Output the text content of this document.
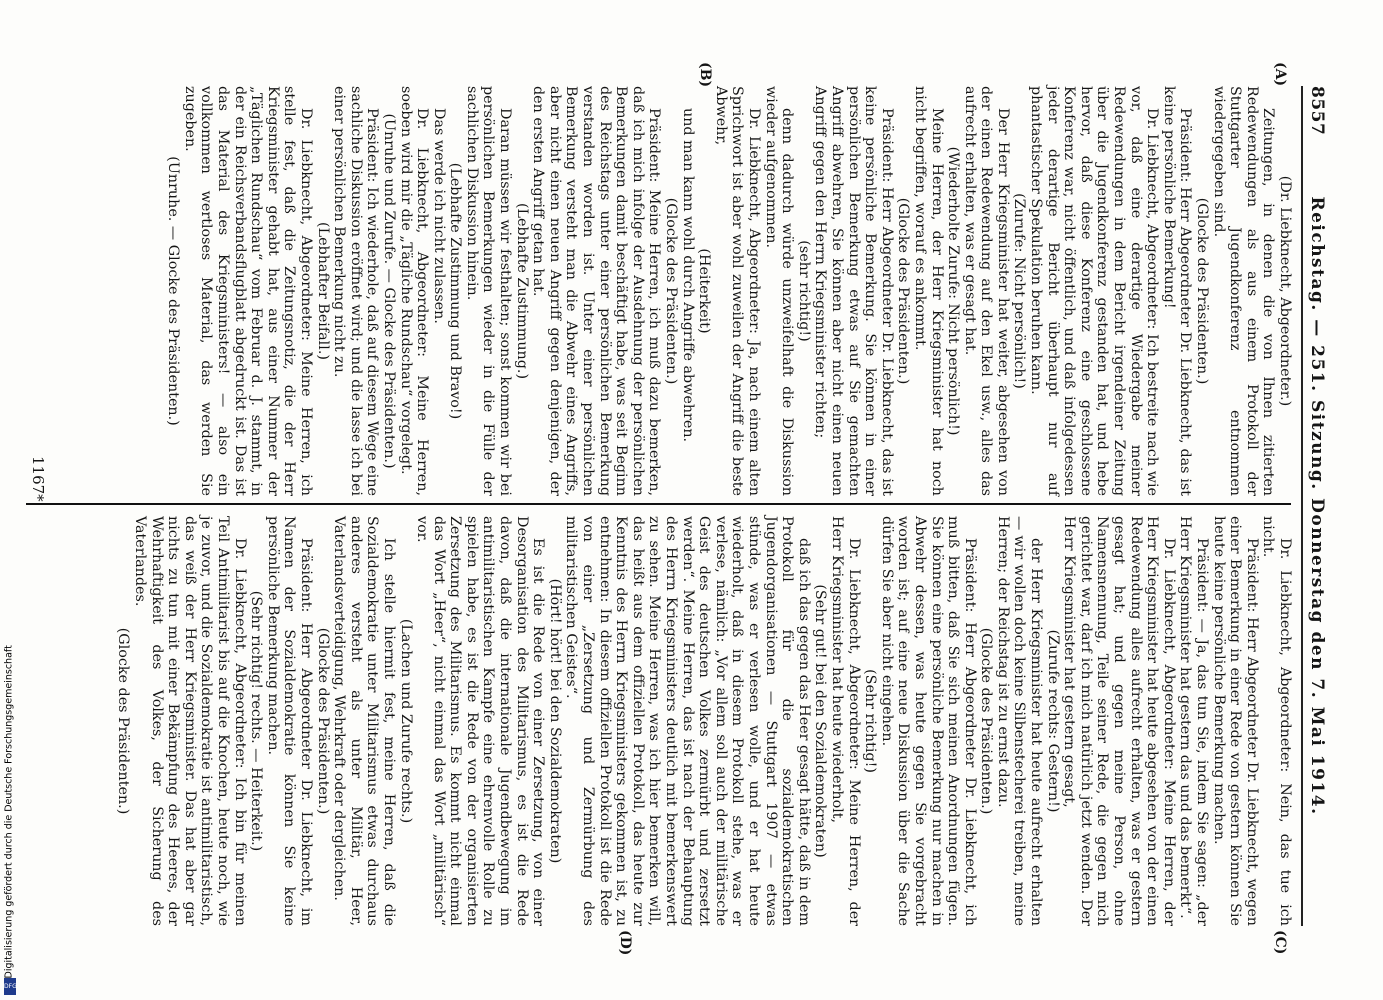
8557
Reichstag. — 251. Sitzung. Donnerstag den 7. Mai 1914.

(Dr. Liebknecht, Abgeordneter.)

Zeitungen, in denen die von Ihnen zitierten Redewendungen als aus einem Protokoll der Stuttgarter Jugendkonferenz entnommen wiedergegeben sind.

(Glocke des Präsidenten.)

Präsident: Herr Abgeordneter Dr. Liebknecht, das ist keine persönliche Bemerkung!

Dr. Liebknecht, Abgeordneter: Ich bestreite nach wie vor, daß eine derartige Wiedergabe meiner Redewendungen in dem Bericht irgendeiner Zeitung über die Jugendkonferenz gestanden hat, und hebe hervor, daß diese Konferenz eine geschlossene Konferenz war, nicht öffentlich, und daß infolgedessen jeder derartige Bericht überhaupt nur auf phantastischer Spekulation beruhen kann.

(Zurufe: Nicht persönlich!)

Der Herr Kriegsminister hat weiter, abgesehen von der einen Redewendung auf den Ekel usw., alles das aufrecht erhalten, was er gesagt hat.

(Wiederholte Zurufe: Nicht persönlich!)

Meine Herren, der Herr Kriegsminister hat noch nicht begriffen, worauf es ankommt.

(Glocke des Präsidenten.)

Präsident: Herr Abgeordneter Dr. Liebknecht, das ist keine persönliche Bemerkung. Sie können in einer persönlichen Bemerkung etwas auf Sie gemachten Angriff abwehren, Sie können aber nicht einen neuen Angriff gegen den Herrn Kriegsminister richten;

(sehr richtig!)

denn dadurch würde unzweifelhaft die Diskussion wieder aufgenommen.

Dr. Liebknecht, Abgeordneter: Ja, nach einem alten Sprichwort ist aber wohl zuweilen der Angriff die beste Abwehr,

(Heiterkeit)

und man kann wohl durch Angriffe abwehren.

(Glocke des Präsidenten.)

Präsident: Meine Herren, ich muß dazu bemerken, daß ich mich infolge der Ausdehnung der persönlichen Bemerkungen damit beschäftigt habe, was seit Beginn des Reichstags unter einer persönlichen Bemerkung verstanden worden ist. Unter einer persönlichen Bemerkung versteht man die Abwehr eines Angriffs, aber nicht einen neuen Angriff gegen denjenigen, der den ersten Angriff getan hat.

(Lebhafte Zustimmung.)

Daran müssen wir festhalten; sonst kommen wir bei persönlichen Bemerkungen wieder in die Fülle der sachlichen Diskussion hinein.

(Lebhafte Zustimmung und Bravo!)

Das werde ich nicht zulassen.

Dr. Liebknecht, Abgeordneter: Meine Herren, soeben wird mir die „Tägliche Rundschau“ vorgelegt.

(Unruhe und Zurufe. — Glocke des Präsidenten.)

Präsident: Ich wiederhole, daß auf diesem Wege eine sachliche Diskussion eröffnet wird; und die lasse ich bei einer persönlichen Bemerkung nicht zu.

(Lebhafter Beifall.)

Dr. Liebknecht, Abgeordneter: Meine Herren, ich stelle fest, daß die Zeitungsnotiz, die der Herr Kriegsminister gehabt hat, aus einer Nummer der „Täglichen Rundschau“ vom Februar d. J. stammt, in der ein Reichsverbandsflugblatt abgedruckt ist. Das ist das Material des Kriegsministers! — also ein vollkommen wertloses Material, das werden Sie zugeben.

(Unruhe. — Glocke des Präsidenten.)

Dr. Liebknecht, Abgeordneter: Nein, das tue ich nicht.

Präsident: Herr Abgeordneter Dr. Liebknecht, wegen einer Bemerkung in einer Rede von gestern können Sie heute keine persönliche Bemerkung machen.

Präsident: — Ja, das tun Sie, indem Sie sagen: „der Herr Kriegsminister hat gestern das und das bemerkt“.

Dr. Liebknecht, Abgeordneter: Meine Herren, der Herr Kriegsminister hat heute abgesehen von der einen Redewendung alles aufrecht erhalten, was er gestern gesagt hat; und gegen meine Person, ohne Namensnennung, Teile seiner Rede, die gegen mich gerichtet war, darf ich mich natürlich jetzt wenden. Der Herr Kriegsminister hat gestern gesagt,

(Zurufe rechts: Gestern!)

der Herr Kriegsminister hat heute aufrecht erhalten — wir wollen doch keine Silbenstecherei treiben, meine Herren; der Reichstag ist zu ernst dazu.

(Glocke des Präsidenten.)

Präsident: Herr Abgeordneter Dr. Liebknecht, ich muß bitten, daß Sie sich meinen Anordnungen fügen. Sie können eine persönliche Bemerkung nur machen in Abwehr dessen, was heute gegen Sie vorgebracht worden ist; auf eine neue Diskussion über die Sache dürfen Sie aber nicht eingehen.

(Sehr richtig!)

Dr. Liebknecht, Abgeordneter: Meine Herren, der Herr Kriegsminister hat heute wiederholt,

(Sehr gut! bei den Sozialdemokraten)

daß ich das gegen das Heer gesagt hätte, daß in dem Protokoll für die sozialdemokratischen Jugendorganisationen — Stuttgart 1907 — etwas stünde, was er verlesen wolle, und er hat heute wiederholt, daß in diesem Protokoll stehe, was er verlese, nämlich: „Vor allem soll auch der militärische Geist des deutschen Volkes zermürbt und zersetzt werden“. Meine Herren, das ist nach der Behauptung des Herrn Kriegsministers deutlich mit bemerkenswert zu sehen. Meine Herren, was ich hier bemerken will, das heißt aus dem offiziellen Protokoll, das heute zur Kenntnis des Herrn Kriegsministers gekommen ist, zu entnehmen: In diesem offiziellen Protokoll ist die Rede von einer „Zersetzung und Zermürbung des militaristischen Geistes“.

(Hört! hört! bei den Sozialdemokraten)

Es ist die Rede von einer Zersetzung, von einer Desorganisation des Militarismus, es ist die Rede davon, daß die internationale Jugendbewegung im antimilitaristischen Kampfe eine ehrenvolle Rolle zu spielen habe, es ist die Rede von der organisierten Zersetzung des Militarismus. Es kommt nicht einmal das Wort „Heer“, nicht einmal das Wort „militärisch“ vor.

(Lachen und Zurufe rechts.)

Ich stelle hiermit fest, meine Herren, daß die Sozialdemokratie unter Militarismus etwas durchaus anderes versteht als unter Militär, Heer, Vaterlandsverteidigung, Wehrkraft oder dergleichen.

(Glocke des Präsidenten.)

Präsident: Herr Abgeordneter Dr. Liebknecht, im Namen der Sozialdemokratie können Sie keine persönliche Bemerkung machen.

(Sehr richtig! rechts. — Heiterkeit.)

Dr. Liebknecht, Abgeordneter: Ich bin für meinen Teil Antimilitarist bis auf die Knochen, heute noch, wie je zuvor, und die Sozialdemokratie ist antimilitaristisch, das weiß der Herr Kriegsminister. Das hat aber gar nichts zu tun mit einer Bekämpfung des Heeres, der Wehrhaftigkeit des Volkes, der Sicherung des Vaterlandes.

(Glocke des Präsidenten.)

(C)
(D)
(A)
(B)
1167*
Digitalisierung gefördert durch die Deutsche Forschungsgemeinschaft
DFG
